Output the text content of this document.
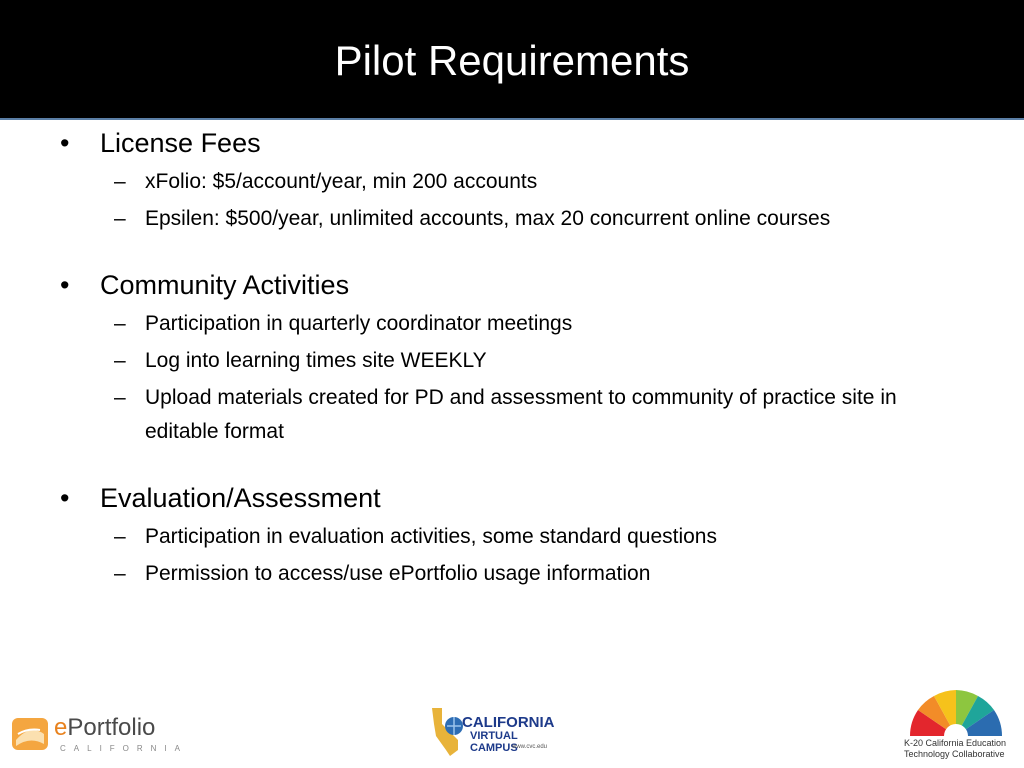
Pilot Requirements
• License Fees
– xFolio: $5/account/year, min 200 accounts
– Epsilen: $500/year, unlimited accounts, max 20 concurrent online courses
• Community Activities
– Participation in quarterly coordinator meetings
– Log into learning times site WEEKLY
– Upload materials created for PD and assessment to community of practice site in editable format
• Evaluation/Assessment
– Participation in evaluation activities, some standard questions
– Permission to access/use ePortfolio usage information
ePortfolio
CALIFORNIA
CALIFORNIA
VIRTUAL CAMPUS
www.cvc.edu	K-20 California Education
Technology Collaborative
